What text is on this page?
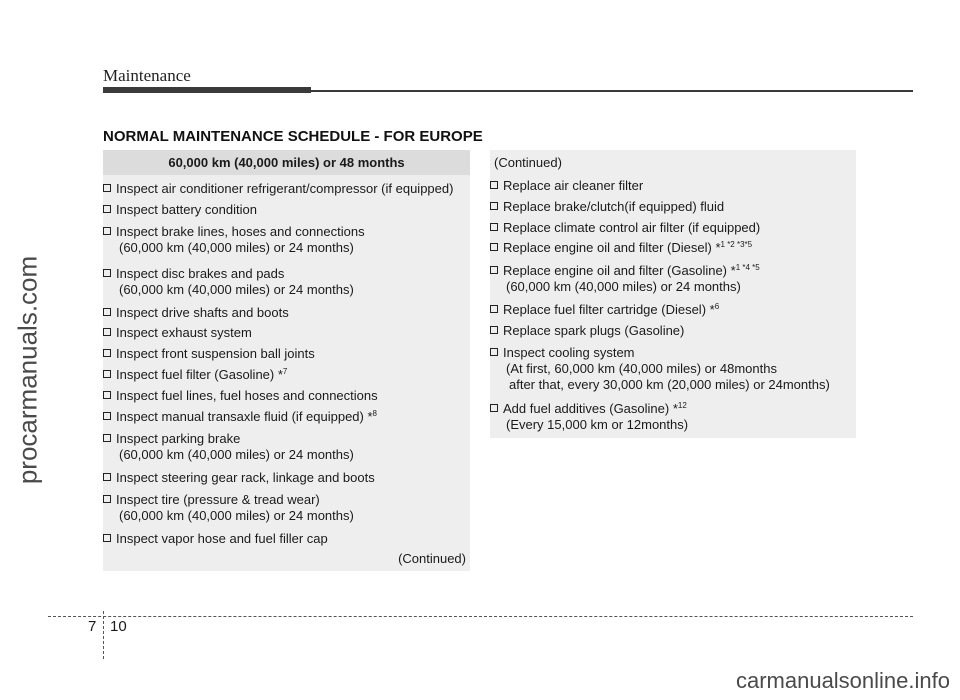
Maintenance
procarmanuals.com
NORMAL MAINTENANCE SCHEDULE - FOR EUROPE
60,000 km (40,000 miles) or 48 months
Inspect air conditioner refrigerant/compressor (if equipped)
Inspect battery condition
Inspect brake lines, hoses and connections
(60,000 km (40,000 miles) or 24 months)
Inspect disc brakes and pads
(60,000 km (40,000 miles) or 24 months)
Inspect drive shafts and boots
Inspect exhaust system
Inspect front suspension ball joints
Inspect fuel filter (Gasoline) *$^7$
Inspect fuel lines, fuel hoses and connections
Inspect manual transaxle fluid (if equipped) *$^8$
Inspect parking brake
(60,000 km (40,000 miles) or 24 months)
Inspect steering gear rack, linkage and boots
Inspect tire (pressure & tread wear)
(60,000 km (40,000 miles) or 24 months)
Inspect vapor hose and fuel filler cap
(Continued)
(Continued)
Replace air cleaner filter
Replace brake/clutch(if equipped) fluid
Replace climate control air filter (if equipped)
Replace engine oil and filter (Diesel) *$^{1 *2 *3*5}$
Replace engine oil and filter (Gasoline) *$^{1 *4 *5}$
(60,000 km (40,000 miles) or 24 months)
Replace fuel filter cartridge (Diesel) *$^6$
Replace spark plugs (Gasoline)
Inspect cooling system
(At first, 60,000 km (40,000 miles) or 48months
after that, every 30,000 km (20,000 miles) or 24months)
Add fuel additives (Gasoline) *$^{12}$
(Every 15,000 km or 12months)
7 10
carmanualsonline.info
